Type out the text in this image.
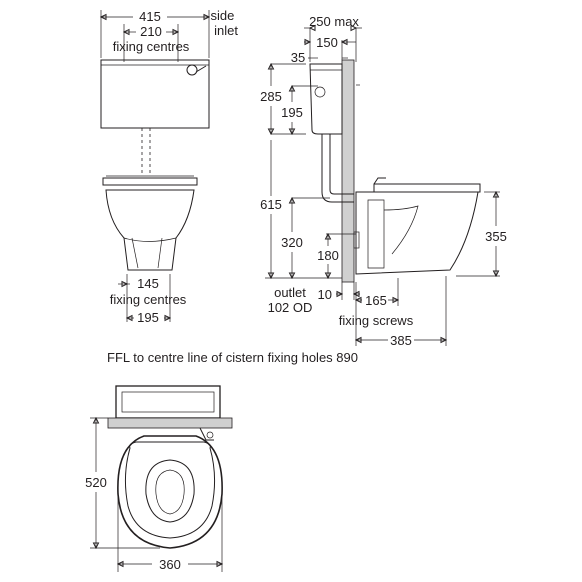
415
210
fixing centres
side inlet
145
fixing centres
195
250 max
150
35
285
195
615
320
180
355
10	165
385
outlet
102 OD
fixing screws
FFL to centre line of cistern fixing holes 890
520
360
